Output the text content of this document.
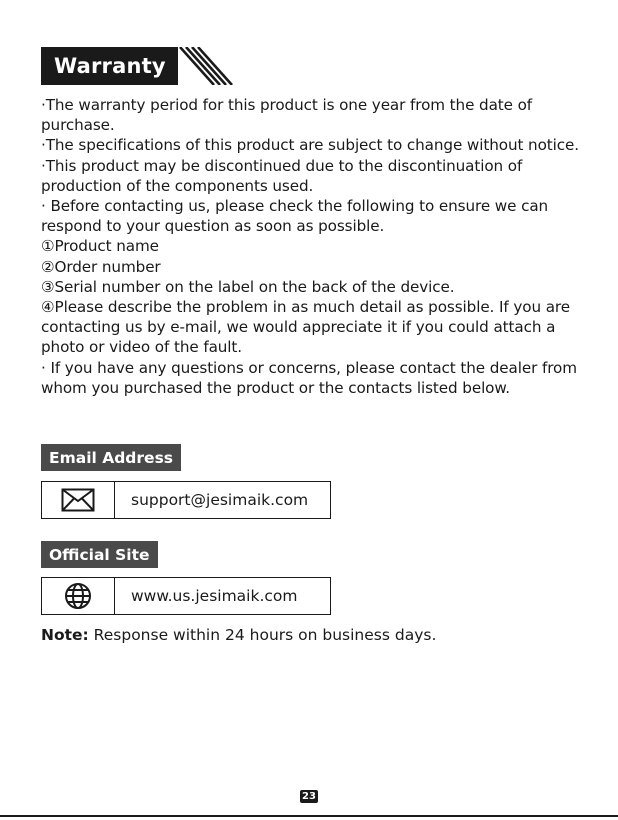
Warranty

·The warranty period for this product is one year from the date of purchase.

·The specifications of this product are subject to change without notice.

·This product may be discontinued due to the discontinuation of production of the components used.

· Before contacting us, please check the following to ensure we can respond to your question as soon as possible.

①Product name

②Order number

③Serial number on the label on the back of the device.

④Please describe the problem in as much detail as possible. If you are contacting us by e-mail, we would appreciate it if you could attach a photo or video of the fault.

· If you have any questions or concerns, please contact the dealer from whom you purchased the product or the contacts listed below.

Email Address
support@jesimaik.com
Official Site
www.us.jesimaik.com
Note: Response within 24 hours on business days.
23
